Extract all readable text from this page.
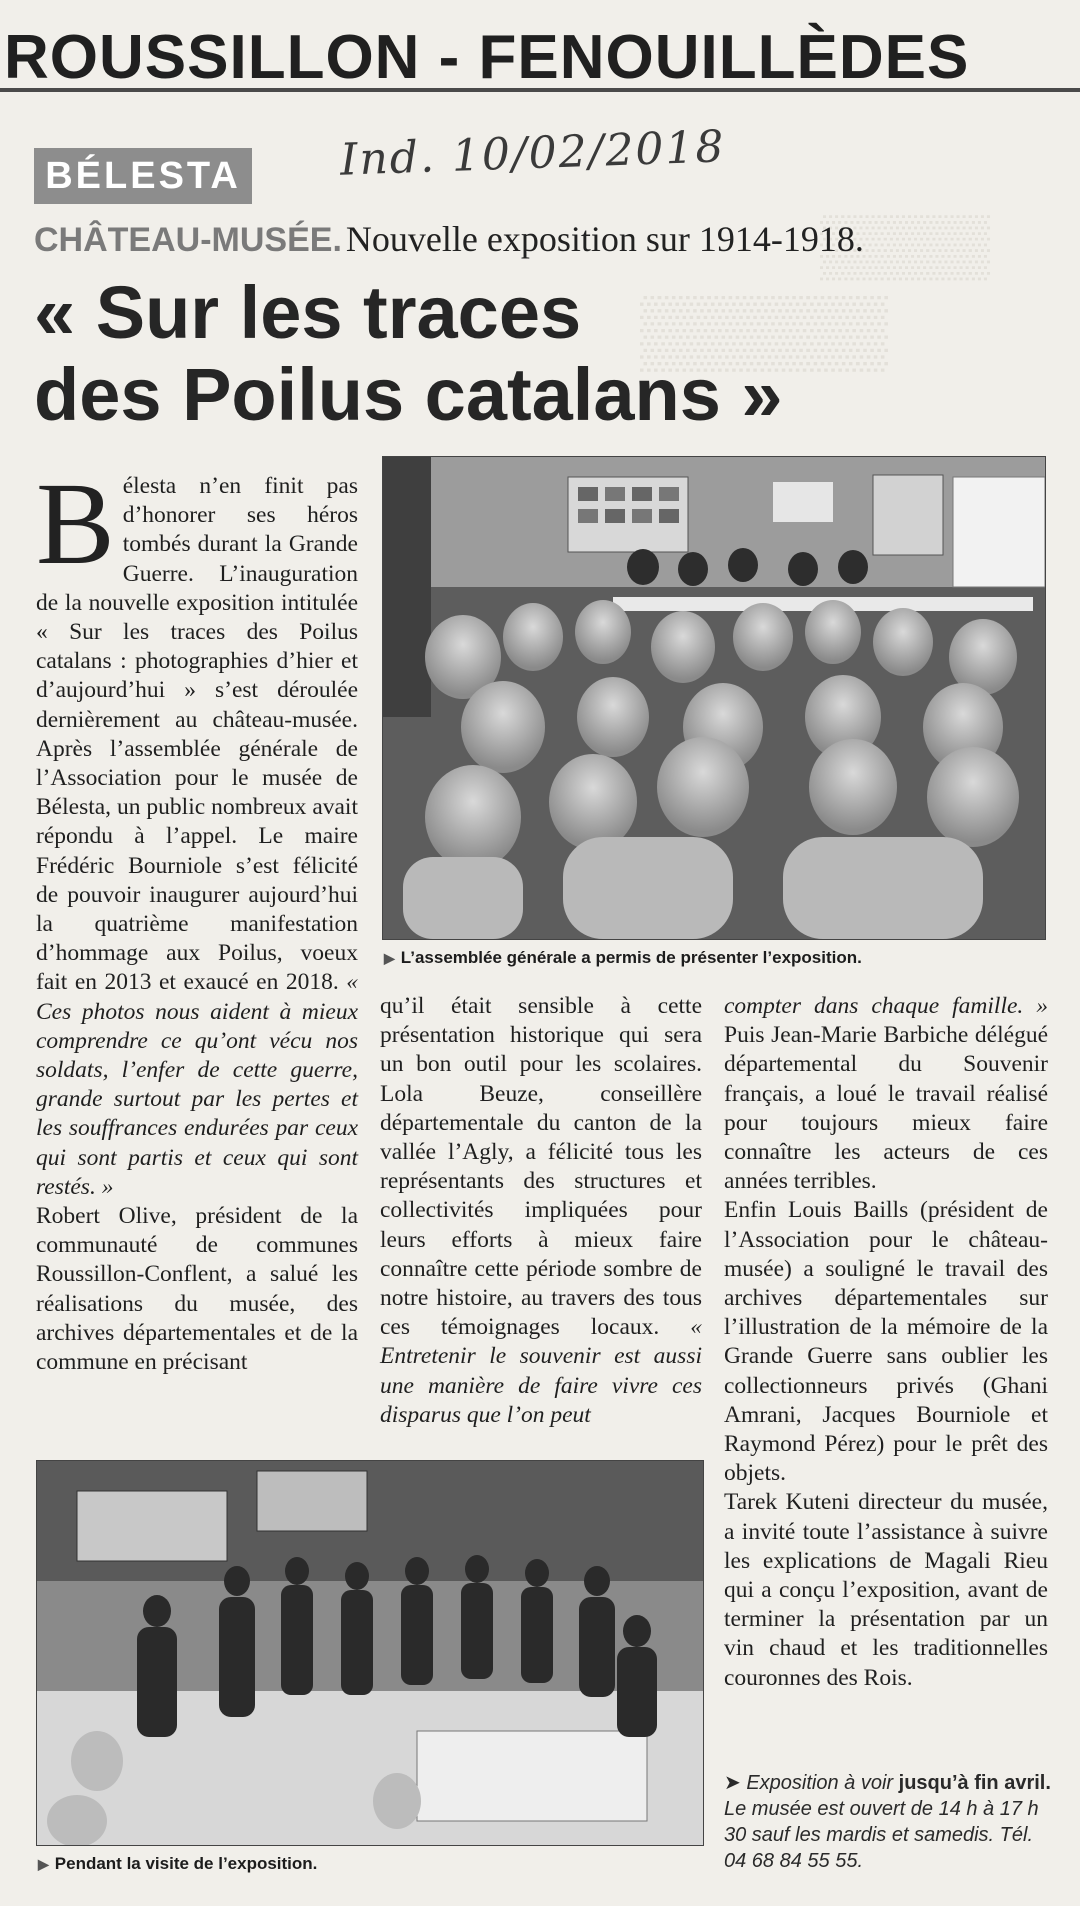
ROUSSILLON - FENOUILLÈDES
▒▒▒▒
▒▒▒▒▒
Ind. 10/02/2018
BÉLESTA
CHÂTEAU-MUSÉE. Nouvelle exposition sur 1914-1918.
« Sur les traces
des Poilus catalans »
B élesta n’en finit pas d’honorer ses héros tombés durant la Grande Guerre. L’inauguration de la nouvelle exposition intitulée « Sur les traces des Poilus catalans : photographies d’hier et d’aujourd’hui » s’est déroulée dernièrement au château-musée. Après l’assemblée générale de l’Association pour le musée de Bélesta, un public nombreux avait répondu à l’appel. Le maire Frédéric Bourniole s’est félicité de pouvoir inaugurer aujourd’hui la quatrième manifestation d’hommage aux Poilus, voeux fait en 2013 et exaucé en 2018. « Ces photos nous aident à mieux comprendre ce qu’ont vécu nos soldats, l’enfer de cette guerre, grande surtout par les pertes et les souffrances endurées par ceux qui sont partis et ceux qui sont restés. »

Robert Olive, président de la communauté de communes Roussillon-Conflent, a salué les réalisations du musée, des archives départementales et de la commune en précisant

▶ L’assemblée générale a permis de présenter l’exposition.

qu’il était sensible à cette présentation historique qui sera un bon outil pour les scolaires. Lola Beuze, conseillère départementale du canton de la vallée l’Agly, a félicité tous les représentants des structures et collectivités impliquées pour leurs efforts à mieux faire connaître cette période sombre de notre histoire, au travers des tous ces témoignages locaux. « Entretenir le souvenir est aussi une manière de faire vivre ces disparus que l’on peut

compter dans chaque famille. » Puis Jean-Marie Barbiche délégué départemental du Souvenir français, a loué le travail réalisé pour toujours mieux faire connaître les acteurs de ces années terribles.

Enfin Louis Baills (président de l’Association pour le château-musée) a souligné le travail des archives départementales sur l’illustration de la mémoire de la Grande Guerre sans oublier les collectionneurs privés (Ghani Amrani, Jacques Bourniole et Raymond Pérez) pour le prêt des objets.

Tarek Kuteni directeur du musée, a invité toute l’assistance à suivre les explications de Magali Rieu qui a conçu l’exposition, avant de terminer la présentation par un vin chaud et les traditionnelles couronnes des Rois.

▶ Pendant la visite de l’exposition.
➤ Exposition à voir jusqu’à fin avril. Le musée est ouvert de 14 h à 17 h 30 sauf les mardis et samedis. Tél. 04 68 84 55 55.
